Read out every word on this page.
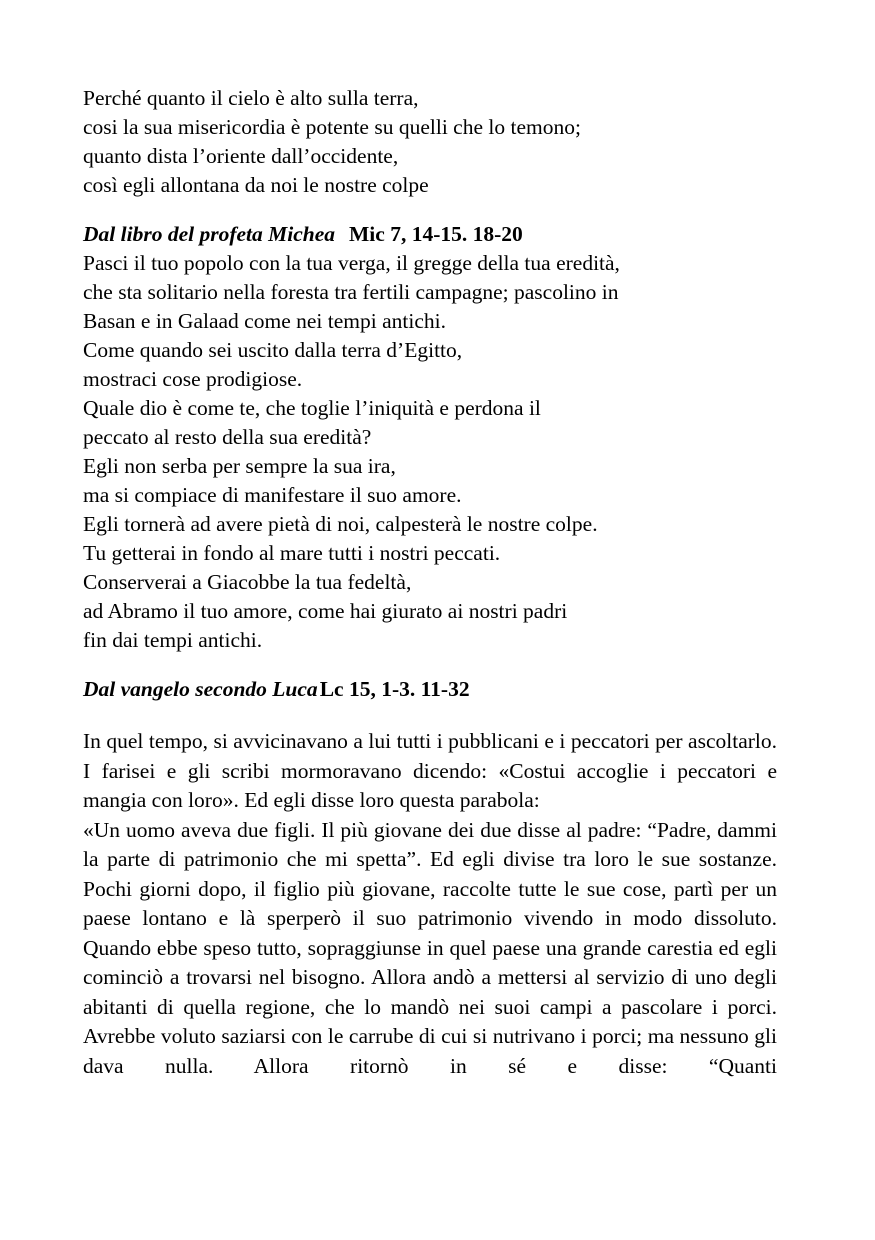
Perché quanto il cielo è alto sulla terra,

cosi la sua misericordia è potente su quelli che lo temono;

quanto dista l’oriente dall’occidente,

così egli allontana da noi le nostre colpe

Dal libro del profeta Michea Mic 7, 14-15. 18-20

Pasci il tuo popolo con la tua verga, il gregge della tua eredità,

che sta solitario nella foresta tra fertili campagne; pascolino in

Basan e in Galaad come nei tempi antichi.

Come quando sei uscito dalla terra d’Egitto,

mostraci cose prodigiose.

Quale dio è come te, che toglie l’iniquità e perdona il

peccato al resto della sua eredità?

Egli non serba per sempre la sua ira,

ma si compiace di manifestare il suo amore.

Egli tornerà ad avere pietà di noi, calpesterà le nostre colpe.

Tu getterai in fondo al mare tutti i nostri peccati.

Conserverai a Giacobbe la tua fedeltà,

ad Abramo il tuo amore, come hai giurato ai nostri padri

fin dai tempi antichi.

Dal vangelo secondo LucaLc 15, 1-3. 11-32

In quel tempo, si avvicinavano a lui tutti i pubblicani e i peccatori per ascoltarlo. I farisei e gli scribi mormoravano dicendo: «Costui accoglie i peccatori e mangia con loro». Ed egli disse loro questa parabola:

«Un uomo aveva due figli. Il più giovane dei due disse al padre: “Padre, dammi la parte di patrimonio che mi spetta”. Ed egli divise tra loro le sue sostanze. Pochi giorni dopo, il figlio più giovane, raccolte tutte le sue cose, partì per un paese lontano e là sperperò il suo patrimonio vivendo in modo dissoluto. Quando ebbe speso tutto, sopraggiunse in quel paese una grande carestia ed egli cominciò a trovarsi nel bisogno. Allora andò a mettersi al servizio di uno degli abitanti di quella regione, che lo mandò nei suoi campi a pascolare i porci. Avrebbe voluto saziarsi con le carrube di cui si nutrivano i porci; ma nessuno gli dava nulla. Allora ritornò in sé e disse: “Quanti
